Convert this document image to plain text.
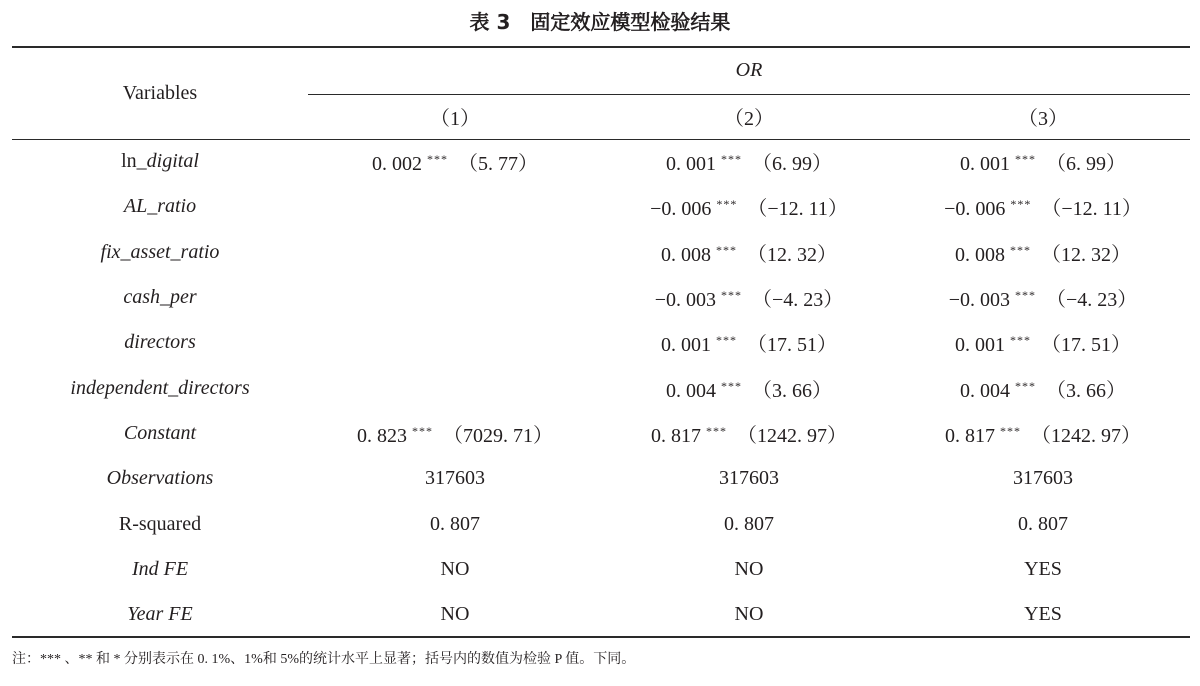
表 3　固定效应模型检验结果
Variables	OR		
	（1）	（2）	（3）
ln_digital	0. 002 *** （5. 77）	0. 001 *** （6. 99）	0. 001 *** （6. 99）
AL_ratio		−0. 006 *** （−12. 11）	−0. 006 *** （−12. 11）
fix_asset_ratio		0. 008 *** （12. 32）	0. 008 *** （12. 32）
cash_per		−0. 003 *** （−4. 23）	−0. 003 *** （−4. 23）
directors		0. 001 *** （17. 51）	0. 001 *** （17. 51）
independent_directors		0. 004 *** （3. 66）	0. 004 *** （3. 66）
Constant	0. 823 *** （7029. 71）	0. 817 *** （1242. 97）	0. 817 *** （1242. 97）
Observations	317603	317603	317603
R-squared	0. 807	0. 807	0. 807
Ind FE	NO	NO	YES
Year FE	NO	NO	YES
注：*** 、** 和 * 分别表示在 0. 1%、1%和 5%的统计水平上显著；括号内的数值为检验 P 值。下同。
